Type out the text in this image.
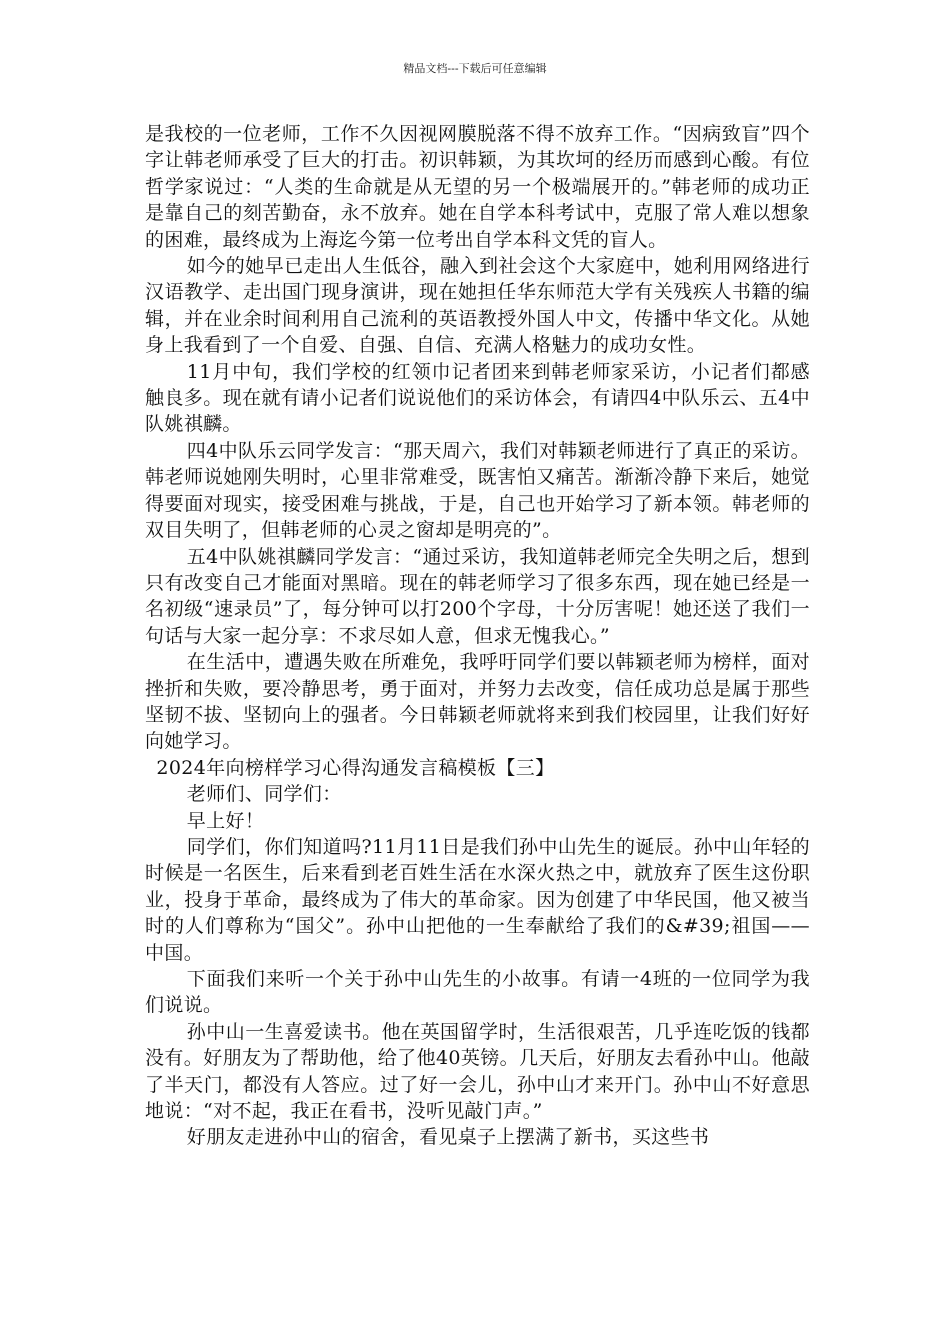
精品文档---下载后可任意编辑

是我校的一位老师，工作不久因视网膜脱落不得不放弃工作。“因病致盲”四个字让韩老师承受了巨大的打击。初识韩颖，为其坎坷的经历而感到心酸。有位哲学家说过：“人类的生命就是从无望的另一个极端展开的。”韩老师的成功正是靠自己的刻苦勤奋，永不放弃。她在自学本科考试中，克服了常人难以想象的困难，最终成为上海迄今第一位考出自学本科文凭的盲人。

如今的她早已走出人生低谷，融入到社会这个大家庭中，她利用网络进行汉语教学、走出国门现身演讲，现在她担任华东师范大学有关残疾人书籍的编辑，并在业余时间利用自己流利的英语教授外国人中文，传播中华文化。从她身上我看到了一个自爱、自强、自信、充满人格魅力的成功女性。

11月中旬，我们学校的红领巾记者团来到韩老师家采访，小记者们都感触良多。现在就有请小记者们说说他们的采访体会，有请四4中队乐云、五4中队姚祺麟。

四4中队乐云同学发言：“那天周六，我们对韩颖老师进行了真正的采访。韩老师说她刚失明时，心里非常难受，既害怕又痛苦。渐渐冷静下来后，她觉得要面对现实，接受困难与挑战，于是，自己也开始学习了新本领。韩老师的双目失明了，但韩老师的心灵之窗却是明亮的”。

五4中队姚祺麟同学发言：“通过采访，我知道韩老师完全失明之后，想到只有改变自己才能面对黑暗。现在的韩老师学习了很多东西，现在她已经是一名初级“速录员”了，每分钟可以打200个字母，十分厉害呢！她还送了我们一句话与大家一起分享：不求尽如人意，但求无愧我心。”

在生活中，遭遇失败在所难免，我呼吁同学们要以韩颖老师为榜样，面对挫折和失败，要冷静思考，勇于面对，并努力去改变，信任成功总是属于那些坚韧不拔、坚韧向上的强者。今日韩颖老师就将来到我们校园里，让我们好好向她学习。

2024年向榜样学习心得沟通发言稿模板【三】

老师们、同学们：

早上好！

同学们，你们知道吗?11月11日是我们孙中山先生的诞辰。孙中山年轻的时候是一名医生，后来看到老百姓生活在水深火热之中，就放弃了医生这份职业，投身于革命，最终成为了伟大的革命家。因为创建了中华民国，他又被当时的人们尊称为“国父”。孙中山把他的一生奉献给了我们的&#39;祖国——中国。

下面我们来听一个关于孙中山先生的小故事。有请一4班的一位同学为我们说说。

孙中山一生喜爱读书。他在英国留学时，生活很艰苦，几乎连吃饭的钱都没有。好朋友为了帮助他，给了他40英镑。几天后，好朋友去看孙中山。他敲了半天门，都没有人答应。过了好一会儿，孙中山才来开门。孙中山不好意思地说：“对不起，我正在看书，没听见敲门声。”

好朋友走进孙中山的宿舍，看见桌子上摆满了新书，买这些书
